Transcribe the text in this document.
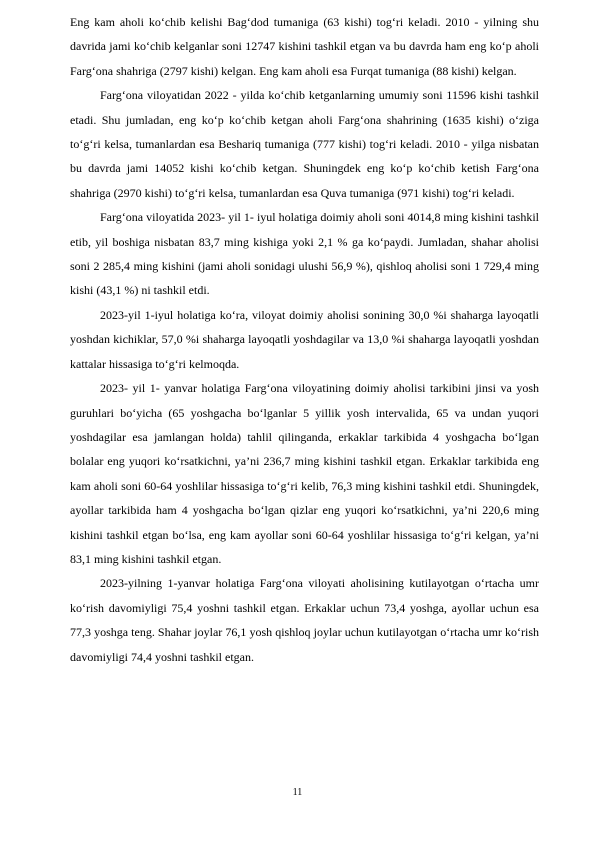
Eng kam aholi koʻchib kelishi Bagʻdod tumaniga (63 kishi) togʻri keladi. 2010 - yilning shu davrida jami koʻchib kelganlar soni 12747 kishini tashkil etgan va bu davrda ham eng koʻp aholi Fargʻona shahriga (2797 kishi) kelgan. Eng kam aholi esa Furqat tumaniga (88 kishi) kelgan.

Farg‘ona viloyatidan 2022 - yilda koʻchib ketganlarning umumiy soni 11596 kishi tashkil etadi. Shu jumladan, eng koʻp koʻchib ketgan aholi Fargʻona shahrining (1635 kishi) oʻziga toʻgʻri kelsa, tumanlardan esa Beshariq tumaniga (777 kishi) togʻri keladi. 2010 - yilga nisbatan bu davrda jami 14052 kishi koʻchib ketgan. Shuningdek eng koʻp koʻchib ketish Fargʻona shahriga (2970 kishi) toʻgʻri kelsa, tumanlardan esa Quva tumaniga (971 kishi) togʻri keladi.

Farg‘ona viloyatida 2023- yil 1- iyul holatiga doimiy aholi soni 4014,8 ming kishini tashkil etib, yil boshiga nisbatan 83,7 ming kishiga yoki 2,1 % ga ko‘paydi. Jumladan, shahar aholisi soni 2 285,4 ming kishini (jami aholi sonidagi ulushi 56,9 %), qishloq aholisi soni 1 729,4 ming kishi (43,1 %) ni tashkil etdi.

2023-yil 1-iyul holatiga ko‘ra, viloyat doimiy aholisi sonining 30,0 %i shaharga layoqatli yoshdan kichiklar, 57,0 %i shaharga layoqatli yoshdagilar va 13,0 %i shaharga layoqatli yoshdan kattalar hissasiga to‘g‘ri kelmoqda.

2023- yil 1- yanvar holatiga Farg‘ona viloyatining doimiy aholisi tarkibini jinsi va yosh guruhlari bo‘yicha (65 yoshgacha bo‘lganlar 5 yillik yosh intervalida, 65 va undan yuqori yoshdagilar esa jamlangan holda) tahlil qilinganda, erkaklar tarkibida 4 yoshgacha bo‘lgan bolalar eng yuqori ko‘rsatkichni, ya’ni 236,7 ming kishini tashkil etgan. Erkaklar tarkibida eng kam aholi soni 60-64 yoshlilar hissasiga to‘g‘ri kelib, 76,3 ming kishini tashkil etdi. Shuningdek, ayollar tarkibida ham 4 yoshgacha bo‘lgan qizlar eng yuqori ko‘rsatkichni, ya’ni 220,6 ming kishini tashkil etgan bo‘lsa, eng kam ayollar soni 60-64 yoshlilar hissasiga to‘g‘ri kelgan, ya’ni 83,1 ming kishini tashkil etgan.

2023-yilning 1-yanvar holatiga Farg‘ona viloyati aholisining kutilayotgan oʻrtacha umr koʻrish davomiyligi 75,4 yoshni tashkil etgan. Erkaklar uchun 73,4 yoshga, ayollar uchun esa 77,3 yoshga teng. Shahar joylar 76,1 yosh qishloq joylar uchun kutilayotgan oʻrtacha umr koʻrish davomiyligi 74,4 yoshni tashkil etgan.

11
